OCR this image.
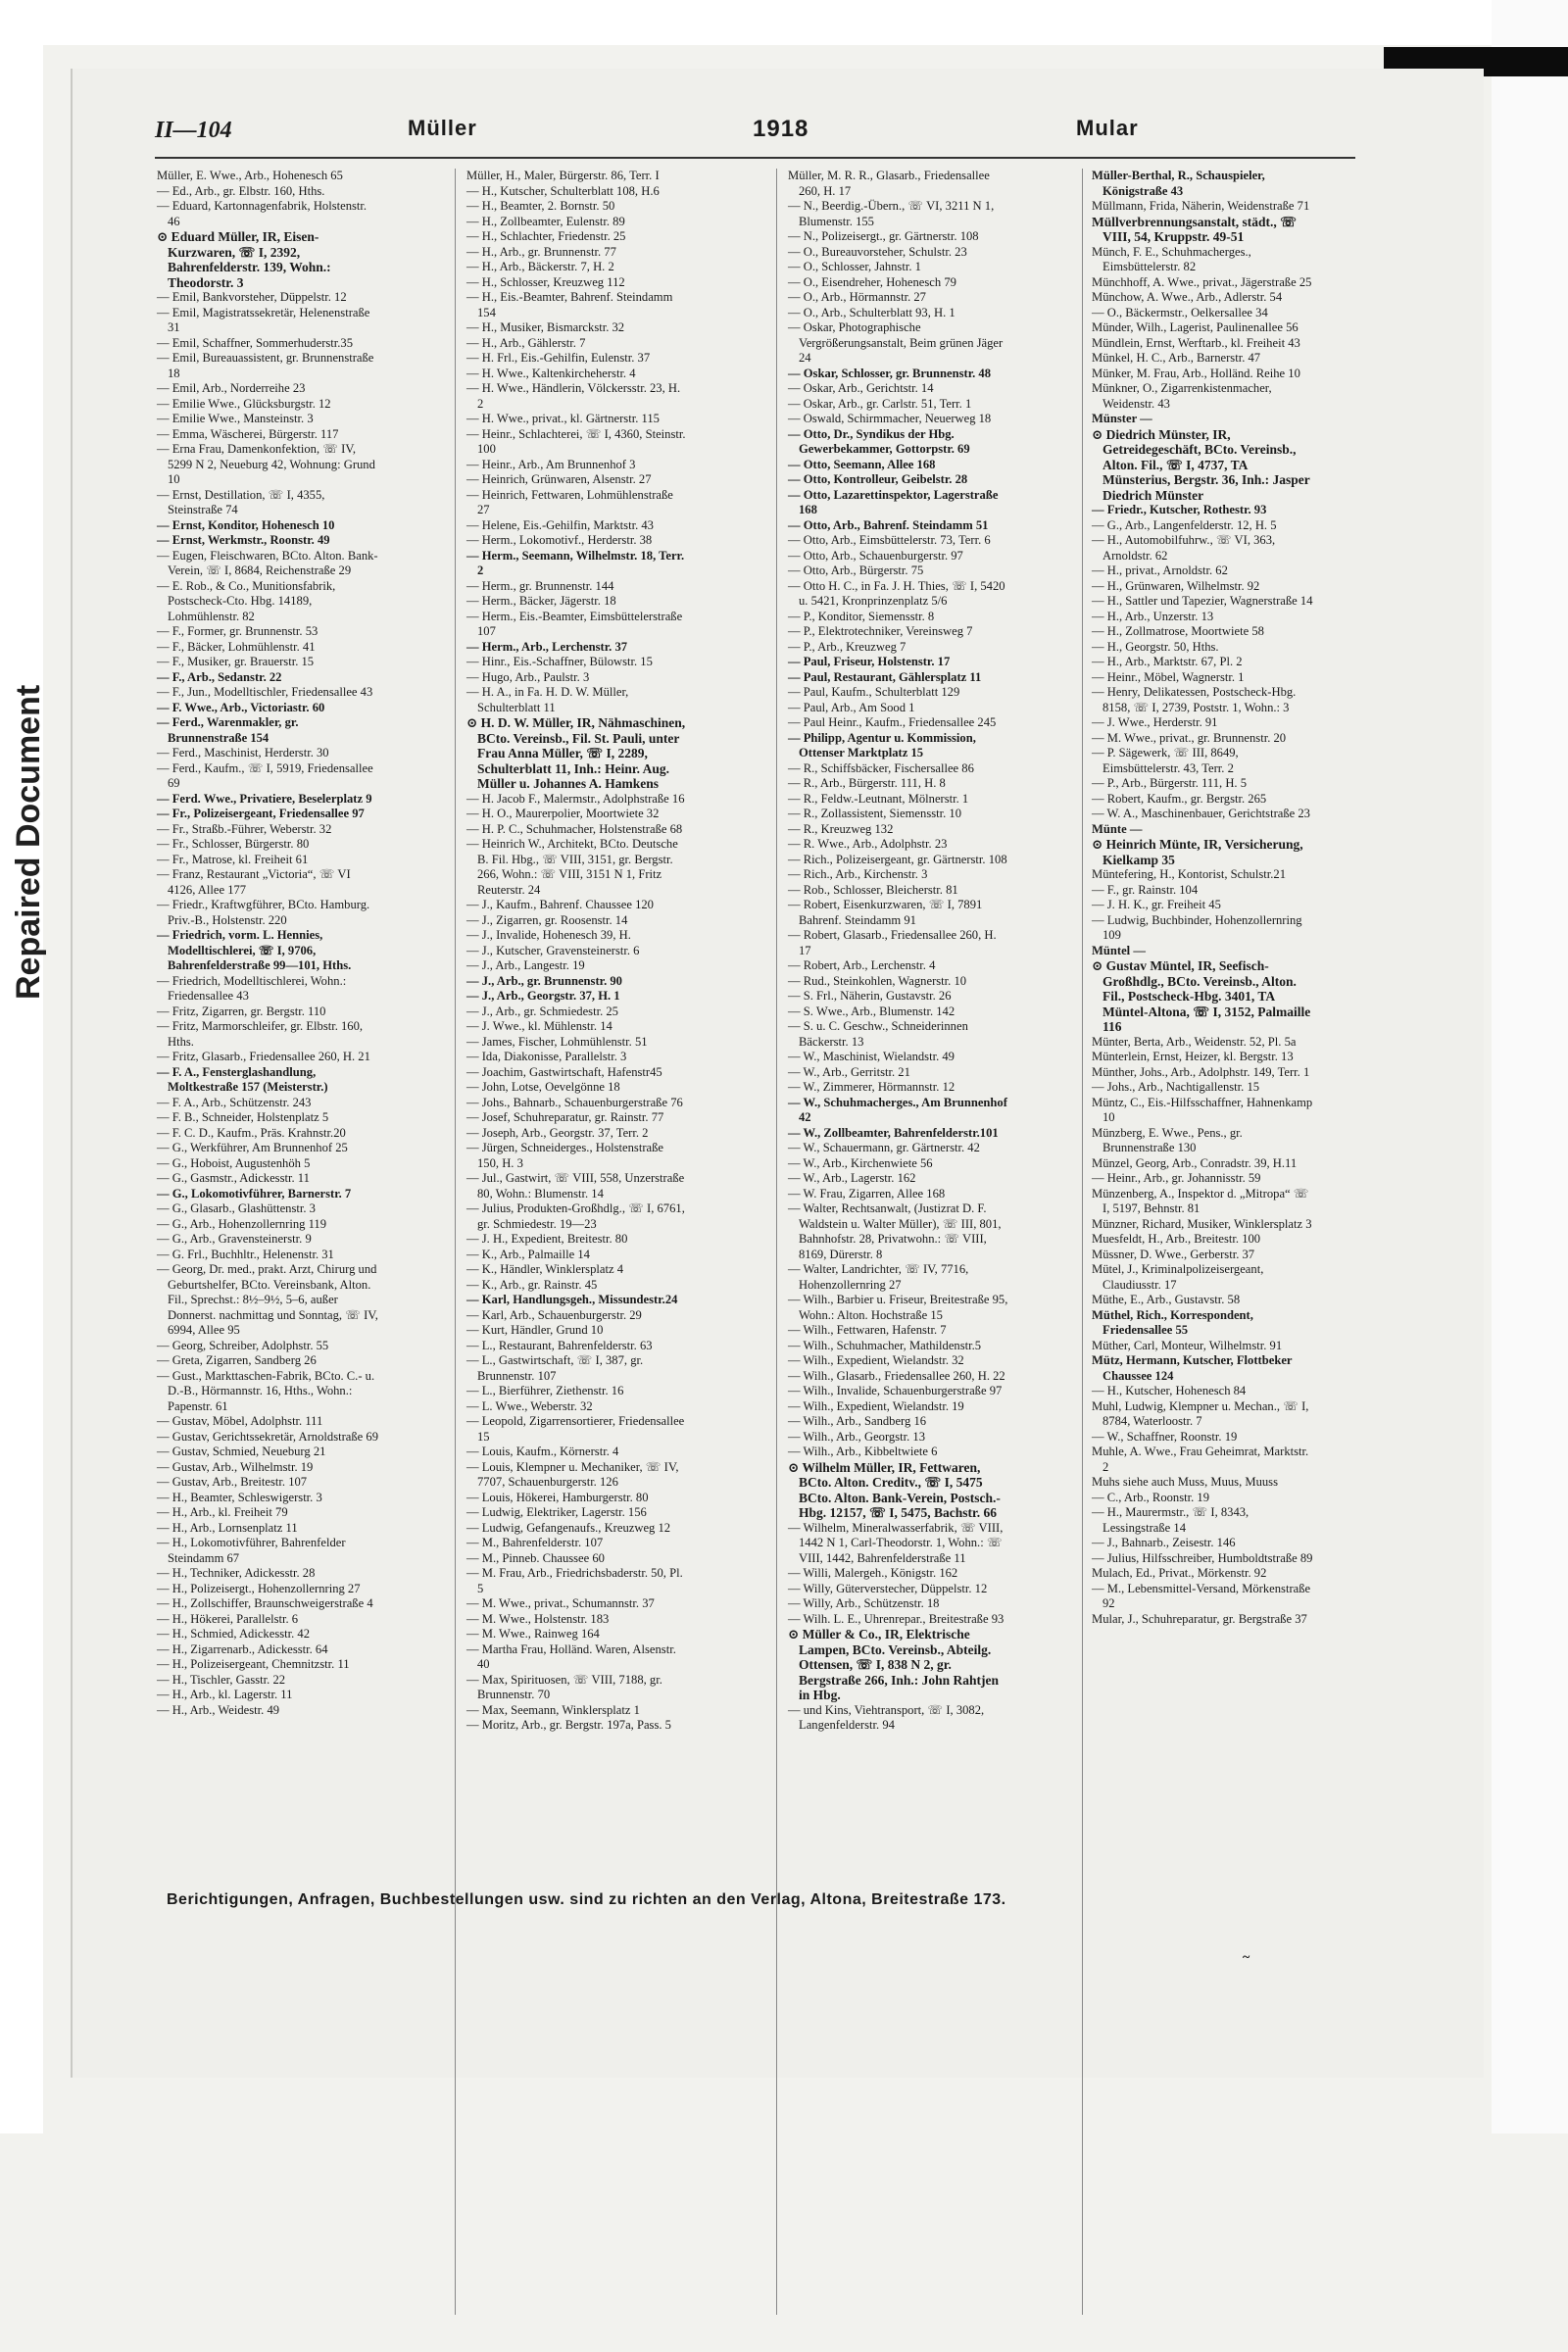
Repaired Document
II—104	Müller	1918	Mular

Müller, E. Wwe., Arb., Hohenesch 65

— Ed., Arb., gr. Elbstr. 160, Hths.

— Eduard, Kartonnagenfabrik, Holstenstr. 46

⊙ Eduard Müller, IR, Eisen-Kurzwaren, ☏ I, 2392, Bahrenfelderstr. 139, Wohn.: Theodorstr. 3

— Emil, Bankvorsteher, Düppelstr. 12

— Emil, Magistratssekretär, Helenenstraße 31

— Emil, Schaffner, Sommerhuderstr.35

— Emil, Bureauassistent, gr. Brunnenstraße 18

— Emil, Arb., Norderreihe 23

— Emilie Wwe., Glücksburgstr. 12

— Emilie Wwe., Mansteinstr. 3

— Emma, Wäscherei, Bürgerstr. 117

— Erna Frau, Damenkonfektion, ☏ IV, 5299 N 2, Neueburg 42, Wohnung: Grund 10

— Ernst, Destillation, ☏ I, 4355, Steinstraße 74

— Ernst, Konditor, Hohenesch 10

— Ernst, Werkmstr., Roonstr. 49

— Eugen, Fleischwaren, BCto. Alton. Bank-Verein, ☏ I, 8684, Reichenstraße 29

— E. Rob., & Co., Munitionsfabrik, Postscheck-Cto. Hbg. 14189, Lohmühlenstr. 82

— F., Former, gr. Brunnenstr. 53

— F., Bäcker, Lohmühlenstr. 41

— F., Musiker, gr. Brauerstr. 15

— F., Arb., Sedanstr. 22

— F., Jun., Modelltischler, Friedensallee 43

— F. Wwe., Arb., Victoriastr. 60

— Ferd., Warenmakler, gr. Brunnenstraße 154

— Ferd., Maschinist, Herderstr. 30

— Ferd., Kaufm., ☏ I, 5919, Friedensallee 69

— Ferd. Wwe., Privatiere, Beselerplatz 9

— Fr., Polizeisergeant, Friedensallee 97

— Fr., Straßb.-Führer, Weberstr. 32

— Fr., Schlosser, Bürgerstr. 80

— Fr., Matrose, kl. Freiheit 61

— Franz, Restaurant „Victoria“, ☏ VI 4126, Allee 177

— Friedr., Kraftwgführer, BCto. Hamburg. Priv.-B., Holstenstr. 220

— Friedrich, vorm. L. Hennies, Modelltischlerei, ☏ I, 9706, Bahrenfelderstraße 99—101, Hths.

— Friedrich, Modelltischlerei, Wohn.: Friedensallee 43

— Fritz, Zigarren, gr. Bergstr. 110

— Fritz, Marmorschleifer, gr. Elbstr. 160, Hths.

— Fritz, Glasarb., Friedensallee 260, H. 21

— F. A., Fensterglashandlung, Moltkestraße 157 (Meisterstr.)

— F. A., Arb., Schützenstr. 243

— F. B., Schneider, Holstenplatz 5

— F. C. D., Kaufm., Präs. Krahnstr.20

— G., Werkführer, Am Brunnenhof 25

— G., Hoboist, Augustenhöh 5

— G., Gasmstr., Adickesstr. 11

— G., Lokomotivführer, Barnerstr. 7

— G., Glasarb., Glashüttenstr. 3

— G., Arb., Hohenzollernring 119

— G., Arb., Gravensteinerstr. 9

— G. Frl., Buchhltr., Helenenstr. 31

— Georg, Dr. med., prakt. Arzt, Chirurg und Geburtshelfer, BCto. Vereinsbank, Alton. Fil., Sprechst.: 8½–9½, 5–6, außer Donnerst. nachmittag und Sonntag, ☏ IV, 6994, Allee 95

— Georg, Schreiber, Adolphstr. 55

— Greta, Zigarren, Sandberg 26

— Gust., Markttaschen-Fabrik, BCto. C.- u. D.-B., Hörmannstr. 16, Hths., Wohn.: Papenstr. 61

— Gustav, Möbel, Adolphstr. 111

— Gustav, Gerichtssekretär, Arnoldstraße 69

— Gustav, Schmied, Neueburg 21

— Gustav, Arb., Wilhelmstr. 19

— Gustav, Arb., Breitestr. 107

— H., Beamter, Schleswigerstr. 3

— H., Arb., kl. Freiheit 79

— H., Arb., Lornsenplatz 11

— H., Lokomotivführer, Bahrenfelder Steindamm 67

— H., Techniker, Adickesstr. 28

— H., Polizeisergt., Hohenzollernring 27

— H., Zollschiffer, Braunschweigerstraße 4

— H., Hökerei, Parallelstr. 6

— H., Schmied, Adickesstr. 42

— H., Zigarrenarb., Adickesstr. 64

— H., Polizeisergeant, Chemnitzstr. 11

— H., Tischler, Gasstr. 22

— H., Arb., kl. Lagerstr. 11

— H., Arb., Weidestr. 49

Müller, H., Maler, Bürgerstr. 86, Terr. I

— H., Kutscher, Schulterblatt 108, H.6

— H., Beamter, 2. Bornstr. 50

— H., Zollbeamter, Eulenstr. 89

— H., Schlachter, Friedenstr. 25

— H., Arb., gr. Brunnenstr. 77

— H., Arb., Bäckerstr. 7, H. 2

— H., Schlosser, Kreuzweg 112

— H., Eis.-Beamter, Bahrenf. Steindamm 154

— H., Musiker, Bismarckstr. 32

— H., Arb., Gählerstr. 7

— H. Frl., Eis.-Gehilfin, Eulenstr. 37

— H. Wwe., Kaltenkircheherstr. 4

— H. Wwe., Händlerin, Völckersstr. 23, H. 2

— H. Wwe., privat., kl. Gärtnerstr. 115

— Heinr., Schlachterei, ☏ I, 4360, Steinstr. 100

— Heinr., Arb., Am Brunnenhof 3

— Heinrich, Grünwaren, Alsenstr. 27

— Heinrich, Fettwaren, Lohmühlenstraße 27

— Helene, Eis.-Gehilfin, Marktstr. 43

— Herm., Lokomotivf., Herderstr. 38

— Herm., Seemann, Wilhelmstr. 18, Terr. 2

— Herm., gr. Brunnenstr. 144

— Herm., Bäcker, Jägerstr. 18

— Herm., Eis.-Beamter, Eimsbüttelerstraße 107

— Herm., Arb., Lerchenstr. 37

— Hinr., Eis.-Schaffner, Bülowstr. 15

— Hugo, Arb., Paulstr. 3

— H. A., in Fa. H. D. W. Müller, Schulterblatt 11

⊙ H. D. W. Müller, IR, Nähmaschinen, BCto. Vereinsb., Fil. St. Pauli, unter Frau Anna Müller, ☏ I, 2289, Schulterblatt 11, Inh.: Heinr. Aug. Müller u. Johannes A. Hamkens

— H. Jacob F., Malermstr., Adolphstraße 16

— H. O., Maurerpolier, Moortwiete 32

— H. P. C., Schuhmacher, Holstenstraße 68

— Heinrich W., Architekt, BCto. Deutsche B. Fil. Hbg., ☏ VIII, 3151, gr. Bergstr. 266, Wohn.: ☏ VIII, 3151 N 1, Fritz Reuterstr. 24

— J., Kaufm., Bahrenf. Chaussee 120

— J., Zigarren, gr. Roosenstr. 14

— J., Invalide, Hohenesch 39, H.

— J., Kutscher, Gravensteinerstr. 6

— J., Arb., Langestr. 19

— J., Arb., gr. Brunnenstr. 90

— J., Arb., Georgstr. 37, H. 1

— J., Arb., gr. Schmiedestr. 25

— J. Wwe., kl. Mühlenstr. 14

— James, Fischer, Lohmühlenstr. 51

— Ida, Diakonisse, Parallelstr. 3

— Joachim, Gastwirtschaft, Hafenstr45

— John, Lotse, Oevelgönne 18

— Johs., Bahnarb., Schauenburgerstraße 76

— Josef, Schuhreparatur, gr. Rainstr. 77

— Joseph, Arb., Georgstr. 37, Terr. 2

— Jürgen, Schneiderges., Holstenstraße 150, H. 3

— Jul., Gastwirt, ☏ VIII, 558, Unzerstraße 80, Wohn.: Blumenstr. 14

— Julius, Produkten-Großhdlg., ☏ I, 6761, gr. Schmiedestr. 19—23

— J. H., Expedient, Breitestr. 80

— K., Arb., Palmaille 14

— K., Händler, Winklersplatz 4

— K., Arb., gr. Rainstr. 45

— Karl, Handlungsgeh., Missundestr.24

— Karl, Arb., Schauenburgerstr. 29

— Kurt, Händler, Grund 10

— L., Restaurant, Bahrenfelderstr. 63

— L., Gastwirtschaft, ☏ I, 387, gr. Brunnenstr. 107

— L., Bierführer, Ziethenstr. 16

— L. Wwe., Weberstr. 32

— Leopold, Zigarrensortierer, Friedensallee 15

— Louis, Kaufm., Körnerstr. 4

— Louis, Klempner u. Mechaniker, ☏ IV, 7707, Schauenburgerstr. 126

— Louis, Hökerei, Hamburgerstr. 80

— Ludwig, Elektriker, Lagerstr. 156

— Ludwig, Gefangenaufs., Kreuzweg 12

— M., Bahrenfelderstr. 107

— M., Pinneb. Chaussee 60

— M. Frau, Arb., Friedrichsbaderstr. 50, Pl. 5

— M. Wwe., privat., Schumannstr. 37

— M. Wwe., Holstenstr. 183

— M. Wwe., Rainweg 164

— Martha Frau, Holländ. Waren, Alsenstr. 40

— Max, Spirituosen, ☏ VIII, 7188, gr. Brunnenstr. 70

— Max, Seemann, Winklersplatz 1

— Moritz, Arb., gr. Bergstr. 197a, Pass. 5

Müller, M. R. R., Glasarb., Friedensallee 260, H. 17

— N., Beerdig.-Übern., ☏ VI, 3211 N 1, Blumenstr. 155

— N., Polizeisergt., gr. Gärtnerstr. 108

— O., Bureauvorsteher, Schulstr. 23

— O., Schlosser, Jahnstr. 1

— O., Eisendreher, Hohenesch 79

— O., Arb., Hörmannstr. 27

— O., Arb., Schulterblatt 93, H. 1

— Oskar, Photographische Vergrößerungsanstalt, Beim grünen Jäger 24

— Oskar, Schlosser, gr. Brunnenstr. 48

— Oskar, Arb., Gerichtstr. 14

— Oskar, Arb., gr. Carlstr. 51, Terr. 1

— Oswald, Schirmmacher, Neuerweg 18

— Otto, Dr., Syndikus der Hbg. Gewerbekammer, Gottorpstr. 69

— Otto, Seemann, Allee 168

— Otto, Kontrolleur, Geibelstr. 28

— Otto, Lazarettinspektor, Lagerstraße 168

— Otto, Arb., Bahrenf. Steindamm 51

— Otto, Arb., Eimsbüttelerstr. 73, Terr. 6

— Otto, Arb., Schauenburgerstr. 97

— Otto, Arb., Bürgerstr. 75

— Otto H. C., in Fa. J. H. Thies, ☏ I, 5420 u. 5421, Kronprinzenplatz 5/6

— P., Konditor, Siemensstr. 8

— P., Elektrotechniker, Vereinsweg 7

— P., Arb., Kreuzweg 7

— Paul, Friseur, Holstenstr. 17

— Paul, Restaurant, Gählersplatz 11

— Paul, Kaufm., Schulterblatt 129

— Paul, Arb., Am Sood 1

— Paul Heinr., Kaufm., Friedensallee 245

— Philipp, Agentur u. Kommission, Ottenser Marktplatz 15

— R., Schiffsbäcker, Fischersallee 86

— R., Arb., Bürgerstr. 111, H. 8

— R., Feldw.-Leutnant, Mölnerstr. 1

— R., Zollassistent, Siemensstr. 10

— R., Kreuzweg 132

— R. Wwe., Arb., Adolphstr. 23

— Rich., Polizeisergeant, gr. Gärtnerstr. 108

— Rich., Arb., Kirchenstr. 3

— Rob., Schlosser, Bleicherstr. 81

— Robert, Eisenkurzwaren, ☏ I, 7891 Bahrenf. Steindamm 91

— Robert, Glasarb., Friedensallee 260, H. 17

— Robert, Arb., Lerchenstr. 4

— Rud., Steinkohlen, Wagnerstr. 10

— S. Frl., Näherin, Gustavstr. 26

— S. Wwe., Arb., Blumenstr. 142

— S. u. C. Geschw., Schneiderinnen Bäckerstr. 13

— W., Maschinist, Wielandstr. 49

— W., Arb., Gerritstr. 21

— W., Zimmerer, Hörmannstr. 12

— W., Schuhmacherges., Am Brunnenhof 42

— W., Zollbeamter, Bahrenfelderstr.101

— W., Schauermann, gr. Gärtnerstr. 42

— W., Arb., Kirchenwiete 56

— W., Arb., Lagerstr. 162

— W. Frau, Zigarren, Allee 168

— Walter, Rechtsanwalt, (Justizrat D. F. Waldstein u. Walter Müller), ☏ III, 801, Bahnhofstr. 28, Privatwohn.: ☏ VIII, 8169, Dürerstr. 8

— Walter, Landrichter, ☏ IV, 7716, Hohenzollernring 27

— Wilh., Barbier u. Friseur, Breitestraße 95, Wohn.: Alton. Hochstraße 15

— Wilh., Fettwaren, Hafenstr. 7

— Wilh., Schuhmacher, Mathildenstr.5

— Wilh., Expedient, Wielandstr. 32

— Wilh., Glasarb., Friedensallee 260, H. 22

— Wilh., Invalide, Schauenburgerstraße 97

— Wilh., Expedient, Wielandstr. 19

— Wilh., Arb., Sandberg 16

— Wilh., Arb., Georgstr. 13

— Wilh., Arb., Kibbeltwiete 6

⊙ Wilhelm Müller, IR, Fettwaren, BCto. Alton. Creditv., ☏ I, 5475 BCto. Alton. Bank-Verein, Postsch.-Hbg. 12157, ☏ I, 5475, Bachstr. 66

— Wilhelm, Mineralwasserfabrik, ☏ VIII, 1442 N 1, Carl-Theodorstr. 1, Wohn.: ☏ VIII, 1442, Bahrenfelderstraße 11

— Willi, Malergeh., Königstr. 162

— Willy, Güterverstecher, Düppelstr. 12

— Willy, Arb., Schützenstr. 18

— Wilh. L. E., Uhrenrepar., Breitestraße 93

⊙ Müller & Co., IR, Elektrische Lampen, BCto. Vereinsb., Abteilg. Ottensen, ☏ I, 838 N 2, gr. Bergstraße 266, Inh.: John Rahtjen in Hbg.

— und Kins, Viehtransport, ☏ I, 3082, Langenfelderstr. 94

Müller-Berthal, R., Schauspieler, Königstraße 43

Müllmann, Frida, Näherin, Weidenstraße 71

Müllverbrennungsanstalt, städt., ☏ VIII, 54, Kruppstr. 49-51

Münch, F. E., Schuhmacherges., Eimsbüttelerstr. 82

Münchhoff, A. Wwe., privat., Jägerstraße 25

Münchow, A. Wwe., Arb., Adlerstr. 54

— O., Bäckermstr., Oelkersallee 34

Münder, Wilh., Lagerist, Paulinenallee 56

Mündlein, Ernst, Werftarb., kl. Freiheit 43

Münkel, H. C., Arb., Barnerstr. 47

Münker, M. Frau, Arb., Holländ. Reihe 10

Münkner, O., Zigarrenkistenmacher, Weidenstr. 43

Münster —

⊙ Diedrich Münster, IR, Getreidegeschäft, BCto. Vereinsb., Alton. Fil., ☏ I, 4737, TA Münsterius, Bergstr. 36, Inh.: Jasper Diedrich Münster

— Friedr., Kutscher, Rothestr. 93

— G., Arb., Langenfelderstr. 12, H. 5

— H., Automobilfuhrw., ☏ VI, 363, Arnoldstr. 62

— H., privat., Arnoldstr. 62

— H., Grünwaren, Wilhelmstr. 92

— H., Sattler und Tapezier, Wagnerstraße 14

— H., Arb., Unzerstr. 13

— H., Zollmatrose, Moortwiete 58

— H., Georgstr. 50, Hths.

— H., Arb., Marktstr. 67, Pl. 2

— Heinr., Möbel, Wagnerstr. 1

— Henry, Delikatessen, Postscheck-Hbg. 8158, ☏ I, 2739, Poststr. 1, Wohn.: 3

— J. Wwe., Herderstr. 91

— M. Wwe., privat., gr. Brunnenstr. 20

— P. Sägewerk, ☏ III, 8649, Eimsbüttelerstr. 43, Terr. 2

— P., Arb., Bürgerstr. 111, H. 5

— Robert, Kaufm., gr. Bergstr. 265

— W. A., Maschinenbauer, Gerichtstraße 23

Münte —

⊙ Heinrich Münte, IR, Versicherung, Kielkamp 35

Müntefering, H., Kontorist, Schulstr.21

— F., gr. Rainstr. 104

— J. H. K., gr. Freiheit 45

— Ludwig, Buchbinder, Hohenzollernring 109

Müntel —

⊙ Gustav Müntel, IR, Seefisch-Großhdlg., BCto. Vereinsb., Alton. Fil., Postscheck-Hbg. 3401, TA Müntel-Altona, ☏ I, 3152, Palmaille 116

Münter, Berta, Arb., Weidenstr. 52, Pl. 5a

Münterlein, Ernst, Heizer, kl. Bergstr. 13

Münther, Johs., Arb., Adolphstr. 149, Terr. 1

— Johs., Arb., Nachtigallenstr. 15

Müntz, C., Eis.-Hilfsschaffner, Hahnenkamp 10

Münzberg, E. Wwe., Pens., gr. Brunnenstraße 130

Münzel, Georg, Arb., Conradstr. 39, H.11

— Heinr., Arb., gr. Johannisstr. 59

Münzenberg, A., Inspektor d. „Mitropa“ ☏ I, 5197, Behnstr. 81

Münzner, Richard, Musiker, Winklersplatz 3

Muesfeldt, H., Arb., Breitestr. 100

Müssner, D. Wwe., Gerberstr. 37

Mütel, J., Kriminalpolizeisergeant, Claudiusstr. 17

Müthe, E., Arb., Gustavstr. 58

Müthel, Rich., Korrespondent, Friedensallee 55

Müther, Carl, Monteur, Wilhelmstr. 91

Mütz, Hermann, Kutscher, Flottbeker Chaussee 124

— H., Kutscher, Hohenesch 84

Muhl, Ludwig, Klempner u. Mechan., ☏ I, 8784, Waterloostr. 7

— W., Schaffner, Roonstr. 19

Muhle, A. Wwe., Frau Geheimrat, Marktstr. 2

Muhs siehe auch Muss, Muus, Muuss

— C., Arb., Roonstr. 19

— H., Maurermstr., ☏ I, 8343, Lessingstraße 14

— J., Bahnarb., Zeisestr. 146

— Julius, Hilfsschreiber, Humboldtstraße 89

Mulach, Ed., Privat., Mörkenstr. 92

— M., Lebensmittel-Versand, Mörkenstraße 92

Mular, J., Schuhreparatur, gr. Bergstraße 37

Berichtigungen, Anfragen, Buchbestellungen usw. sind zu richten an den Verlag, Altona, Breitestraße 173.
~
